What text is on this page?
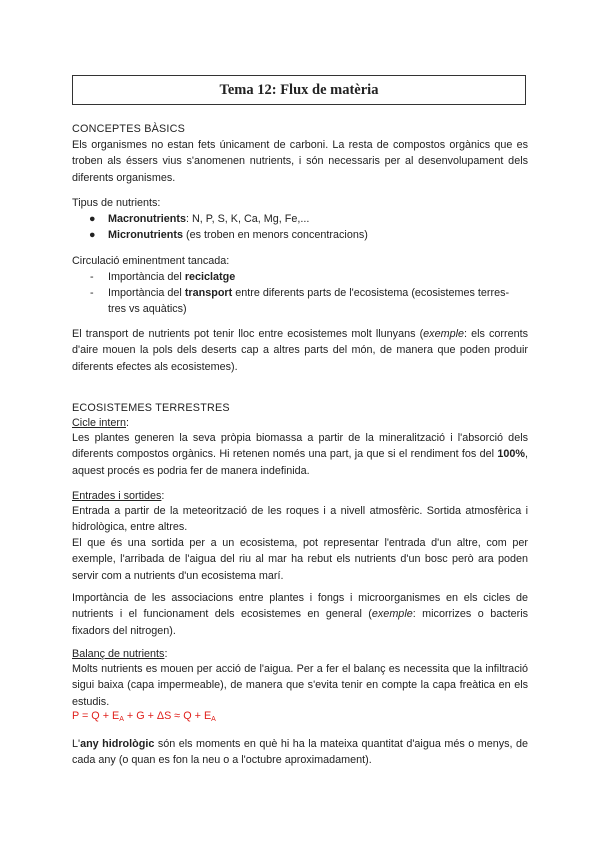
Tema 12: Flux de matèria
CONCEPTES BÀSICS
Els organismes no estan fets únicament de carboni. La resta de compostos orgànics que es troben als éssers vius s'anomenen nutrients, i són necessaris per al desenvolupament dels diferents organismes.
Tipus de nutrients:
● Macronutrients: N, P, S, K, Ca, Mg, Fe,...
● Micronutrients (es troben en menors concentracions)
Circulació eminentment tancada:
- Importància del reciclatge
- Importància del transport entre diferents parts de l'ecosistema (ecosistemes terres-
tres vs aquàtics)
El transport de nutrients pot tenir lloc entre ecosistemes molt llunyans (exemple: els corrents d'aire mouen la pols dels deserts cap a altres parts del món, de manera que poden produir diferents efectes als ecosistemes).
ECOSISTEMES TERRESTRES
Cicle intern:
Les plantes generen la seva pròpia biomassa a partir de la mineralització i l'absorció dels diferents compostos orgànics. Hi retenen només una part, ja que si el rendiment fos del 100%, aquest procés es podria fer de manera indefinida.
Entrades i sortides:
Entrada a partir de la meteorització de les roques i a nivell atmosfèric. Sortida atmosfèrica i hidrològica, entre altres.
El que és una sortida per a un ecosistema, pot representar l'entrada d'un altre, com per exemple, l'arribada de l'aigua del riu al mar ha rebut els nutrients d'un bosc però ara poden servir com a nutrients d'un ecosistema marí.
Importància de les associacions entre plantes i fongs i microorganismes en els cicles de nutrients i el funcionament dels ecosistemes en general (exemple: micorrizes o bacteris fixadors del nitrogen).
Balanç de nutrients:
Molts nutrients es mouen per acció de l'aigua. Per a fer el balanç es necessita que la infiltració sigui baixa (capa impermeable), de manera que s'evita tenir en compte la capa freàtica en els estudis.
$P = Q + E_A + G + \Delta S \approx Q + E_A$
L'any hidrològic són els moments en què hi ha la mateixa quantitat d'aigua més o menys, de cada any (o quan es fon la neu o a l'octubre aproximadament).
